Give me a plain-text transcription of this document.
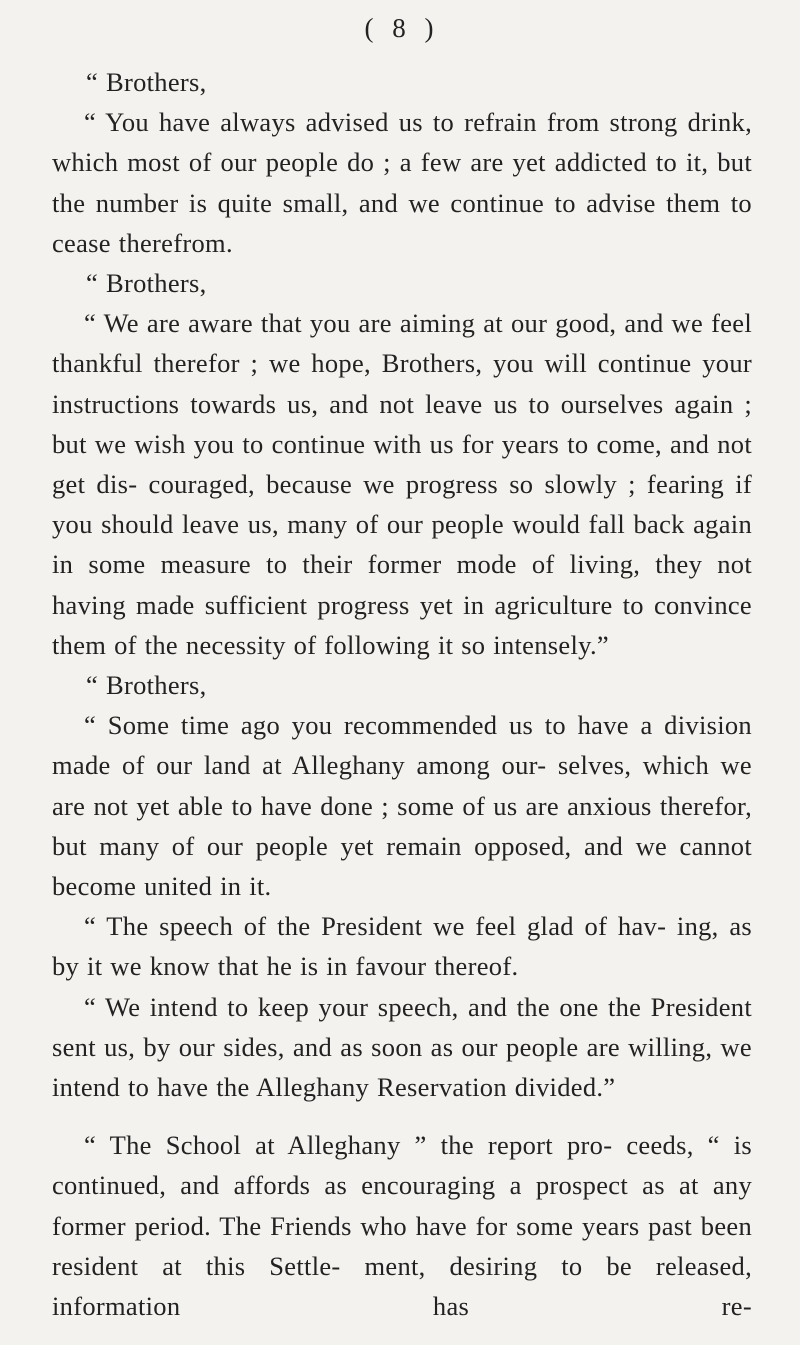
( 8 )

“ Brothers,

“ You have always advised us to refrain from strong drink, which most of our people do ; a few are yet addicted to it, but the number is quite small, and we continue to advise them to cease therefrom.

“ Brothers,

“ We are aware that you are aiming at our good, and we feel thankful therefor ; we hope, Brothers, you will continue your instructions towards us, and not leave us to ourselves again ; but we wish you to continue with us for years to come, and not get dis- couraged, because we progress so slowly ; fearing if you should leave us, many of our people would fall back again in some measure to their former mode of living, they not having made sufficient progress yet in agriculture to convince them of the necessity of following it so intensely.”

“ Brothers,

“ Some time ago you recommended us to have a division made of our land at Alleghany among our- selves, which we are not yet able to have done ; some of us are anxious therefor, but many of our people yet remain opposed, and we cannot become united in it.

“ The speech of the President we feel glad of hav- ing, as by it we know that he is in favour thereof.

“ We intend to keep your speech, and the one the President sent us, by our sides, and as soon as our people are willing, we intend to have the Alleghany Reservation divided.”

“ The School at Alleghany ” the report pro- ceeds, “ is continued, and affords as encouraging a prospect as at any former period. The Friends who have for some years past been resident at this Settle- ment, desiring to be released, information has re-
